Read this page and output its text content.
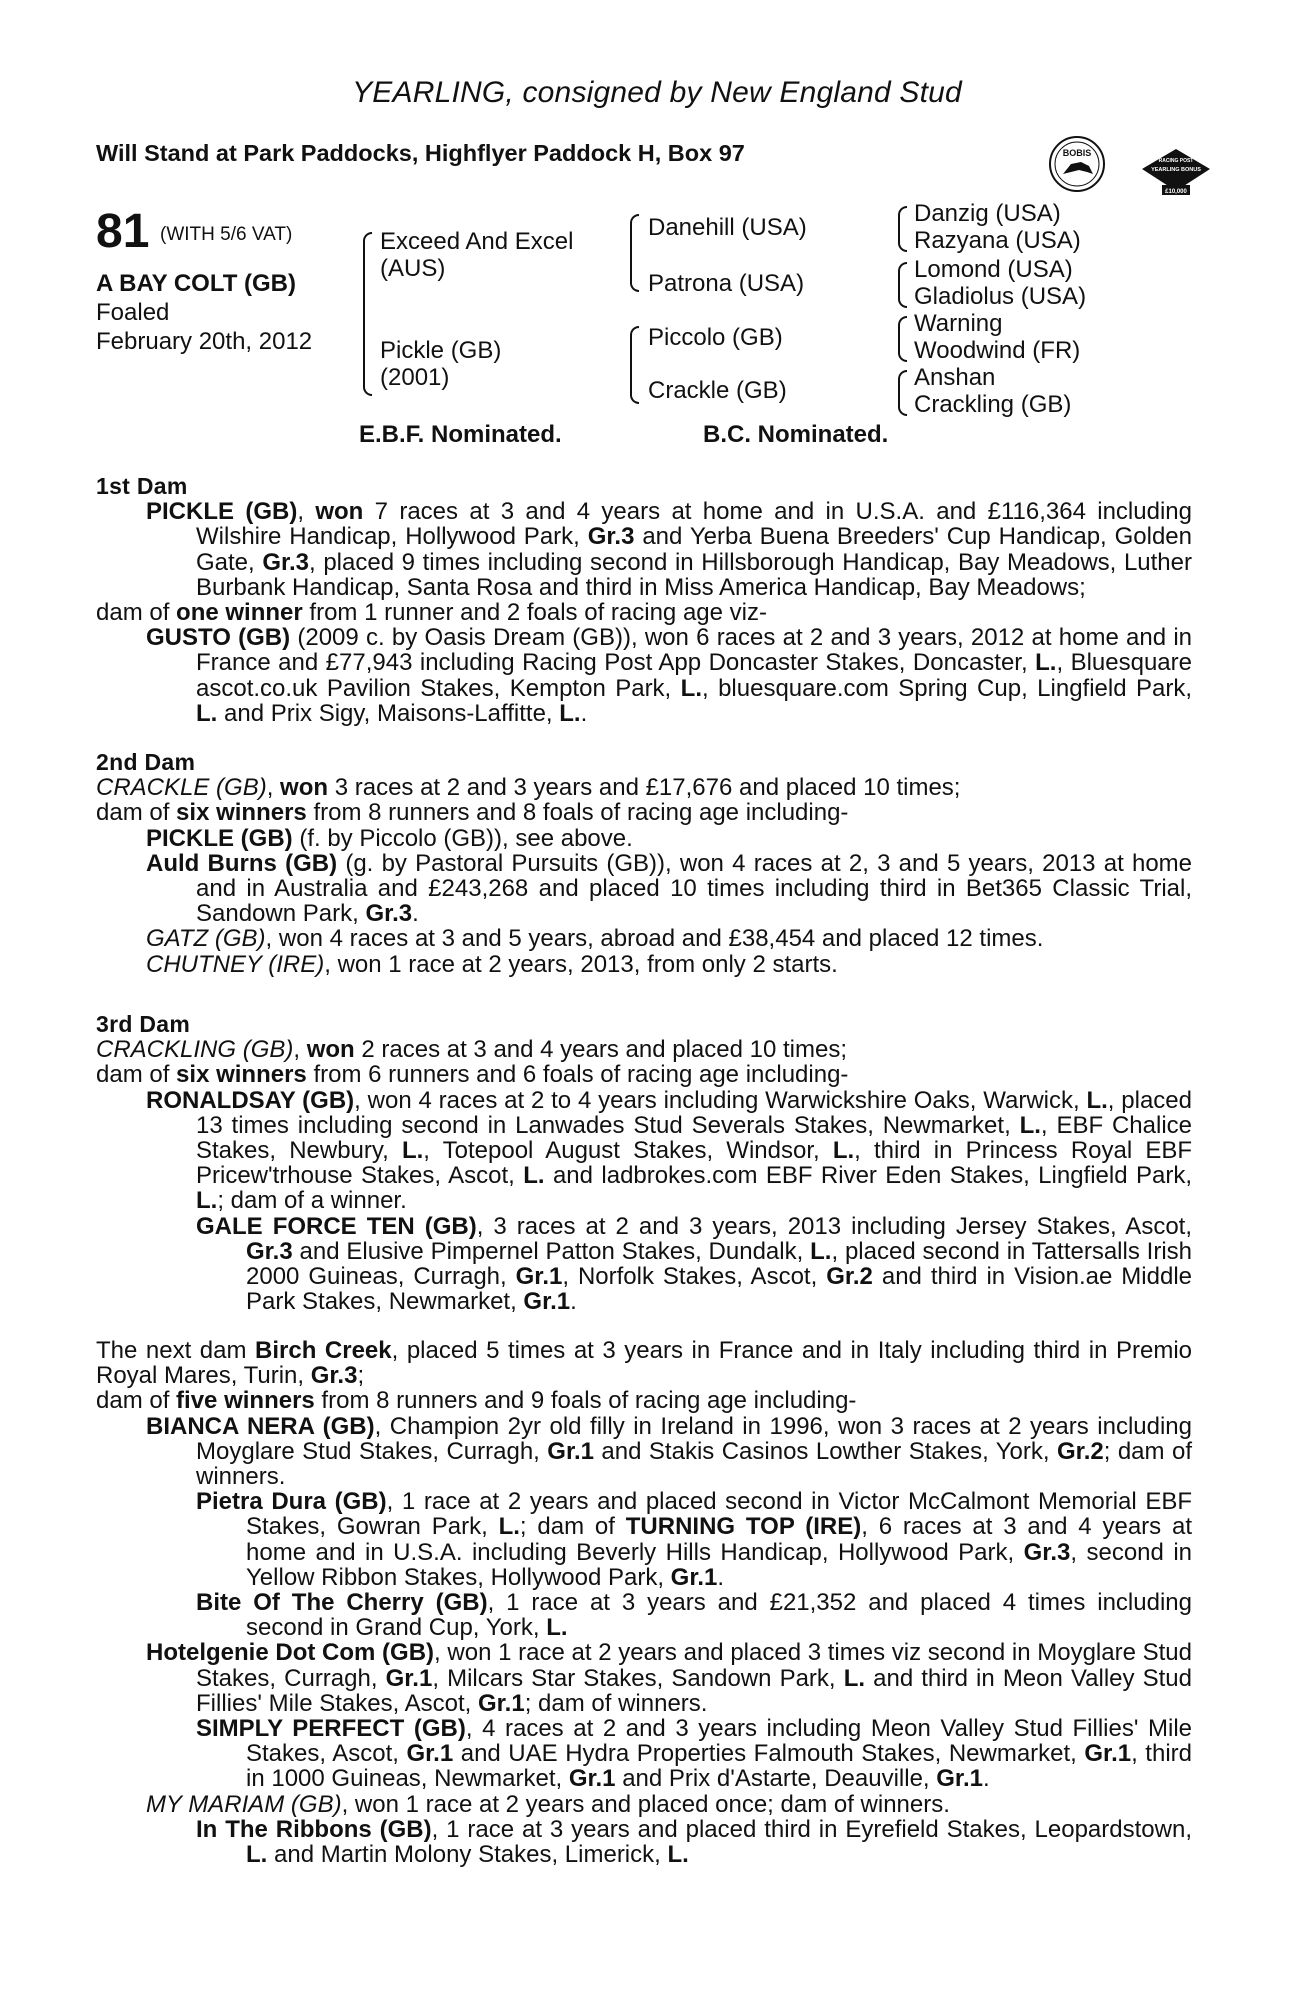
YEARLING, consigned by New England Stud
Will Stand at Park Paddocks, Highflyer Paddock H, Box 97	BOBIS
RACING POST
YEARLING BONUS
£10,000
81 (WITH 5/6 VAT)
A BAY COLT (GB)
Foaled
February 20th, 2012
Exceed And Excel
(AUS)
Pickle (GB)
(2001)
Danehill (USA)
Patrona (USA)
Piccolo (GB)
Crackle (GB)
Danzig (USA)
Razyana (USA)
Lomond (USA)
Gladiolus (USA)
Warning
Woodwind (FR)
Anshan
Crackling (GB)
E.B.F. Nominated.	B.C. Nominated.
1st Dam

PICKLE (GB), won 7 races at 3 and 4 years at home and in U.S.A. and £116,364 including Wilshire Handicap, Hollywood Park, Gr.3 and Yerba Buena Breeders' Cup Handicap, Golden Gate, Gr.3, placed 9 times including second in Hillsborough Handicap, Bay Meadows, Luther Burbank Handicap, Santa Rosa and third in Miss America Handicap, Bay Meadows;

dam of one winner from 1 runner and 2 foals of racing age viz-

GUSTO (GB) (2009 c. by Oasis Dream (GB)), won 6 races at 2 and 3 years, 2012 at home and in France and £77,943 including Racing Post App Doncaster Stakes, Doncaster, L., Bluesquare ascot.co.uk Pavilion Stakes, Kempton Park, L., bluesquare.com Spring Cup, Lingfield Park, L. and Prix Sigy, Maisons-Laffitte, L..

2nd Dam

CRACKLE (GB), won 3 races at 2 and 3 years and £17,676 and placed 10 times;

dam of six winners from 8 runners and 8 foals of racing age including-

PICKLE (GB) (f. by Piccolo (GB)), see above.

Auld Burns (GB) (g. by Pastoral Pursuits (GB)), won 4 races at 2, 3 and 5 years, 2013 at home and in Australia and £243,268 and placed 10 times including third in Bet365 Classic Trial, Sandown Park, Gr.3.

GATZ (GB), won 4 races at 3 and 5 years, abroad and £38,454 and placed 12 times.

CHUTNEY (IRE), won 1 race at 2 years, 2013, from only 2 starts.

3rd Dam

CRACKLING (GB), won 2 races at 3 and 4 years and placed 10 times;

dam of six winners from 6 runners and 6 foals of racing age including-

RONALDSAY (GB), won 4 races at 2 to 4 years including Warwickshire Oaks, Warwick, L., placed 13 times including second in Lanwades Stud Severals Stakes, Newmarket, L., EBF Chalice Stakes, Newbury, L., Totepool August Stakes, Windsor, L., third in Princess Royal EBF Pricew'trhouse Stakes, Ascot, L. and ladbrokes.com EBF River Eden Stakes, Lingfield Park, L.; dam of a winner.

GALE FORCE TEN (GB), 3 races at 2 and 3 years, 2013 including Jersey Stakes, Ascot, Gr.3 and Elusive Pimpernel Patton Stakes, Dundalk, L., placed second in Tattersalls Irish 2000 Guineas, Curragh, Gr.1, Norfolk Stakes, Ascot, Gr.2 and third in Vision.ae Middle Park Stakes, Newmarket, Gr.1.

The next dam Birch Creek, placed 5 times at 3 years in France and in Italy including third in Premio Royal Mares, Turin, Gr.3;

dam of five winners from 8 runners and 9 foals of racing age including-

BIANCA NERA (GB), Champion 2yr old filly in Ireland in 1996, won 3 races at 2 years including Moyglare Stud Stakes, Curragh, Gr.1 and Stakis Casinos Lowther Stakes, York, Gr.2; dam of winners.

Pietra Dura (GB), 1 race at 2 years and placed second in Victor McCalmont Memorial EBF Stakes, Gowran Park, L.; dam of TURNING TOP (IRE), 6 races at 3 and 4 years at home and in U.S.A. including Beverly Hills Handicap, Hollywood Park, Gr.3, second in Yellow Ribbon Stakes, Hollywood Park, Gr.1.

Bite Of The Cherry (GB), 1 race at 3 years and £21,352 and placed 4 times including second in Grand Cup, York, L.

Hotelgenie Dot Com (GB), won 1 race at 2 years and placed 3 times viz second in Moyglare Stud Stakes, Curragh, Gr.1, Milcars Star Stakes, Sandown Park, L. and third in Meon Valley Stud Fillies' Mile Stakes, Ascot, Gr.1; dam of winners.

SIMPLY PERFECT (GB), 4 races at 2 and 3 years including Meon Valley Stud Fillies' Mile Stakes, Ascot, Gr.1 and UAE Hydra Properties Falmouth Stakes, Newmarket, Gr.1, third in 1000 Guineas, Newmarket, Gr.1 and Prix d'Astarte, Deauville, Gr.1.

MY MARIAM (GB), won 1 race at 2 years and placed once; dam of winners.

In The Ribbons (GB), 1 race at 3 years and placed third in Eyrefield Stakes, Leopardstown, L. and Martin Molony Stakes, Limerick, L.
